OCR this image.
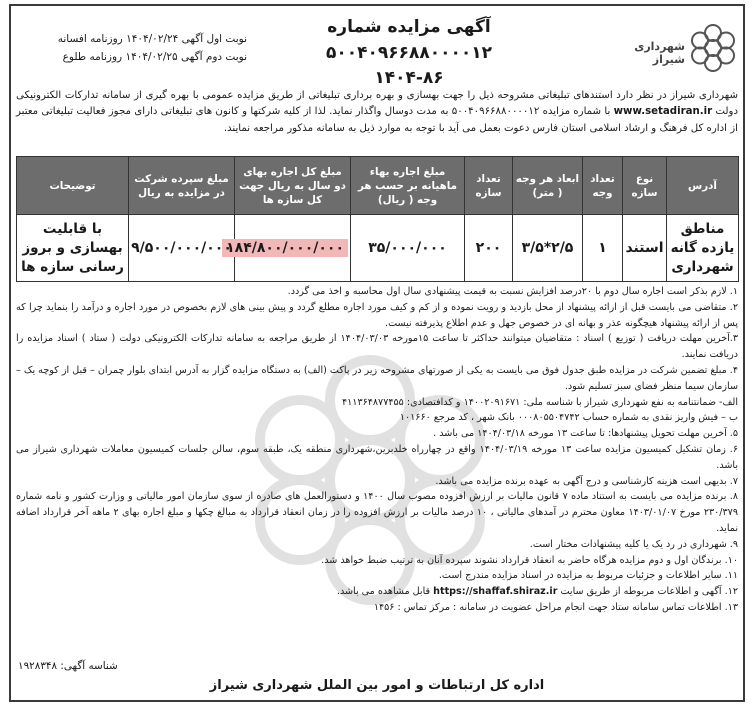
شهرداری شیراز
آگهی مزایده شماره ۵۰۰۴۰۹۶۶۸۸۰۰۰۰۱۲
۱۴۰۴-۸۶
نوبت اول آگهی ۱۴۰۴/۰۲/۲۴ روزنامه افسانه
نوبت دوم آگهی ۱۴۰۴/۰۲/۲۵ روزنامه طلوع
شهرداری شیراز در نظر دارد استندهای تبلیغاتی مشروحه ذیل را جهت بهسازی و بهره برداری تبلیغاتی از طریق مزایده عمومی با بهره گیری از سامانه تدارکات الکترونیکی دولت www.setadiran.ir با شماره مزایده ۵۰۰۴۰۹۶۶۸۸۰۰۰۰۱۲ به مدت دوسال واگذار نماید. لذا از کلیه شرکتها و کانون های تبلیغاتی دارای مجوز فعالیت تبلیغاتی معتبر از اداره کل فرهنگ و ارشاد اسلامی استان فارس دعوت بعمل می آید با توجه به موارد ذیل به سامانه مذکور مراجعه نمایند.
آدرس	نوع سازه	تعداد وجه	ابعاد هر وجه ( متر)	تعداد سازه	مبلغ اجاره بهاء ماهیانه بر حسب هر وجه ( ریال)	مبلغ کل اجاره بهای دو سال به ریال جهت کل سازه ها	مبلغ سپرده شرکت در مزایده به ریال	توضیحات
مناطق یازده گانه شهرداری	استند	۱	۳/۵*۲/۵	۲۰۰	۳۵/۰۰۰/۰۰۰	۱۸۴/۸۰۰/۰۰۰/۰۰۰	۹/۵۰۰/۰۰۰/۰۰۰	با قابلیت بهسازی و بروز رسانی سازه ها

۱. لازم بذکر است اجاره سال دوم با ۲۰درصد افزایش نسبت به قیمت پیشنهادی سال اول محاسبه و اخذ می گردد.

۲. متقاضی می بایست قبل از ارائه پیشنهاد از محل بازدید و رویت نموده و از کم و کیف مورد اجاره مطلع گردد و پیش بینی های لازم بخصوص در مورد اجاره و درآمد را بنماید چرا که پس از ارائه پیشنهاد هیچگونه عذر و بهانه ای در خصوص جهل و عدم اطلاع پذیرفته نیست.

۳.آخرین مهلت دریافت ( توزیع ) اسناد : متقاضیان میتوانند حداکثر تا ساعت ۱۵مورخه ۱۴۰۴/۰۳/۰۳ از طریق مراجعه به سامانه تدارکات الکترونیکی دولت ( ستاد ) اسناد مزایده را دریافت نمایند.

۴. مبلغ تضمین شرکت در مزایده طبق جدول فوق می بایست به یکی از صورتهای مشروحه زیر در پاکت (الف) به دستگاه مزایده گزار به آدرس ابتدای بلوار چمران – قبل از کوچه یک – سازمان سیما منظر فضای سبز تسلیم شود.

الف- ضمانتنامه به نفع شهرداری شیراز با شناسه ملی: ۱۴۰۰۲۰۹۱۶۷۱ و کدافتصادی: ۴۱۱۳۶۴۸۷۷۴۵۵

ب – فیش واریز نقدی به شماره حساب ۰۰۰۸۰۵۵۰۴۷۴۲ بانک شهر ، کد مرجع ۱۰۱۶۶۰

۵. آخرین مهلت تحویل پیشنهادها: تا ساعت ۱۳ مورخه ۱۴۰۴/۰۳/۱۸ می باشد .

۶. زمان تشکیل کمیسیون مزایده ساعت ۱۳ مورخه ۱۴۰۴/۰۳/۱۹ واقع در چهارراه خلدبرین،شهرداری منطقه یک، طبقه سوم، سالن جلسات کمیسیون معاملات شهرداری شیراز می باشد.

۷. بدیهی است هزینه کارشناسی و درج آگهی به عهده برنده مزایده می باشد.

۸. برنده مزایده می بایست به استناد ماده ۷ قانون مالیات بر ارزش افزوده مصوب سال ۱۴۰۰ و دستورالعمل های صادره از سوی سازمان امور مالیاتی و وزارت کشور و نامه شماره ۲۳۰/۳۷۹ مورخ ۱۴۰۳/۰۱/۰۷ معاون محترم در آمدهای مالیاتی ، ۱۰ درصد مالیات بر ارزش افزوده را در زمان انعقاد قرارداد به مبالغ چکها و مبلغ اجاره بهای ۲ ماهه آخر قرارداد اضافه نماید.

۹. شهرداری در رد یک یا کلیه پیشنهادات مختار است.

۱۰. برندگان اول و دوم مزایده هرگاه حاضر به انعقاد قرارداد نشوند سپرده آنان به ترتیب ضبط خواهد شد.

۱۱. سایر اطلاعات و جزئیات مربوط به مزایده در اسناد مزایده مندرج است.

۱۲. آگهی و اطلاعات مربوطه از طریق سایت https://shaffaf.shiraz.ir قابل مشاهده می باشد.

۱۳. اطلاعات تماس سامانه ستاد جهت انجام مراحل عضویت در سامانه : مرکز تماس : ۱۴۵۶

شناسه آگهی: ۱۹۲۸۳۴۸
اداره کل ارتباطات و امور بین الملل شهرداری شیراز
